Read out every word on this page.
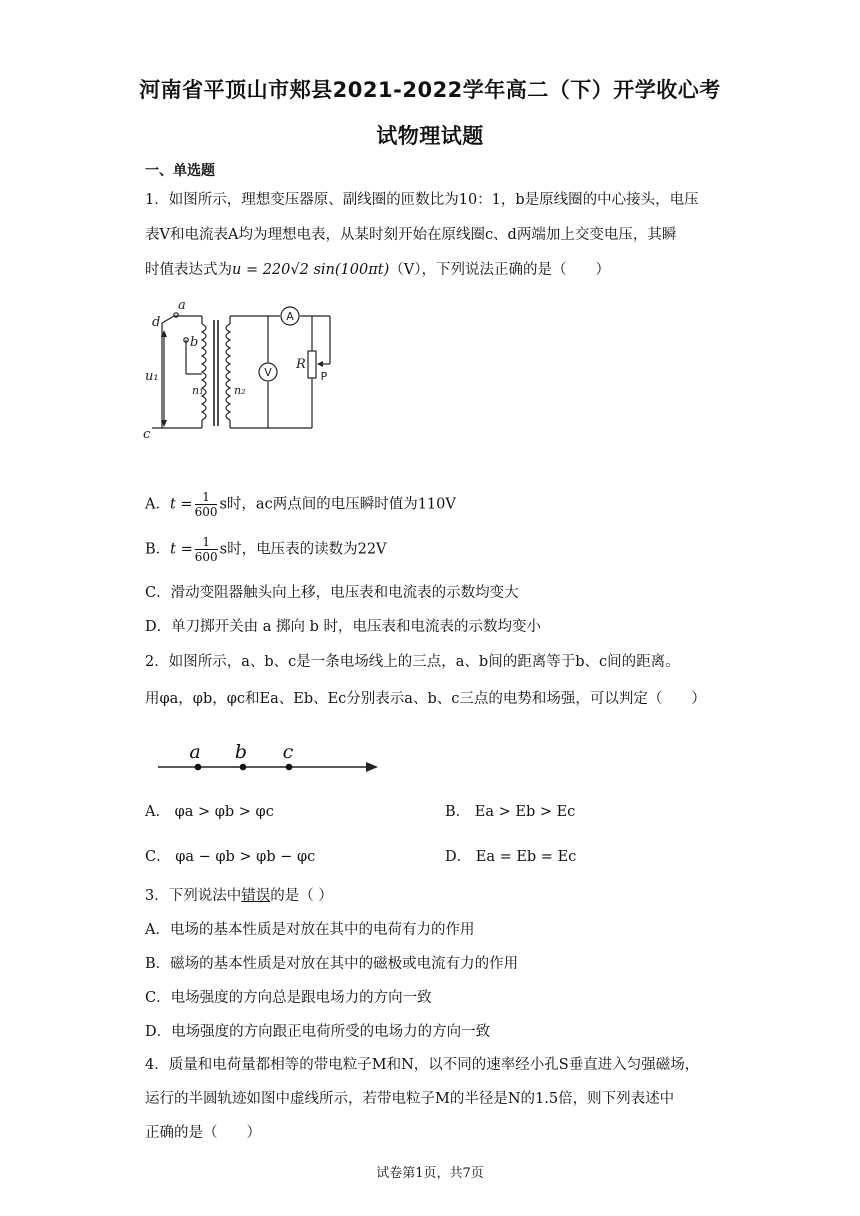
河南省平顶山市郏县2021-2022学年高二（下）开学收心考
试物理试题
一、单选题
1．如图所示，理想变压器原、副线圈的匝数比为10：1，b是原线圈的中心接头，电压
表V和电流表A均为理想电表，从某时刻开始在原线圈c、d两端加上交变电压，其瞬
时值表达式为u = 220√2 sin(100πt)（V），下列说法正确的是（　　）
a
d
b
c
u₁
n₁	n₂
R
A
V	P
A．$t = \frac{1}{600}$ s时，ac两点间的电压瞬时值为110V
B．$t = \frac{1}{600}$ s时，电压表的读数为22V
C．滑动变阻器触头向上移，电压表和电流表的示数均变大
D．单刀掷开关由 a 掷向 b 时，电压表和电流表的示数均变小
2．如图所示，a、b、c是一条电场线上的三点，a、b间的距离等于b、c间的距离。
用φa，φb，φc和Ea、Eb、Ec分别表示a、b、c三点的电势和场强，可以判定（　　）
a b c
A． φa > φb > φc	B． Ea > Eb > Ec
C． φa − φb > φb − φc	D． Ea = Eb = Ec
3．下列说法中错误的是（ ）
A．电场的基本性质是对放在其中的电荷有力的作用
B．磁场的基本性质是对放在其中的磁极或电流有力的作用
C．电场强度的方向总是跟电场力的方向一致
D．电场强度的方向跟正电荷所受的电场力的方向一致
4．质量和电荷量都相等的带电粒子M和N，以不同的速率经小孔S垂直进入匀强磁场，
运行的半圆轨迹如图中虚线所示，若带电粒子M的半径是N的1.5倍，则下列表述中
正确的是（　　）
试卷第1页，共7页
